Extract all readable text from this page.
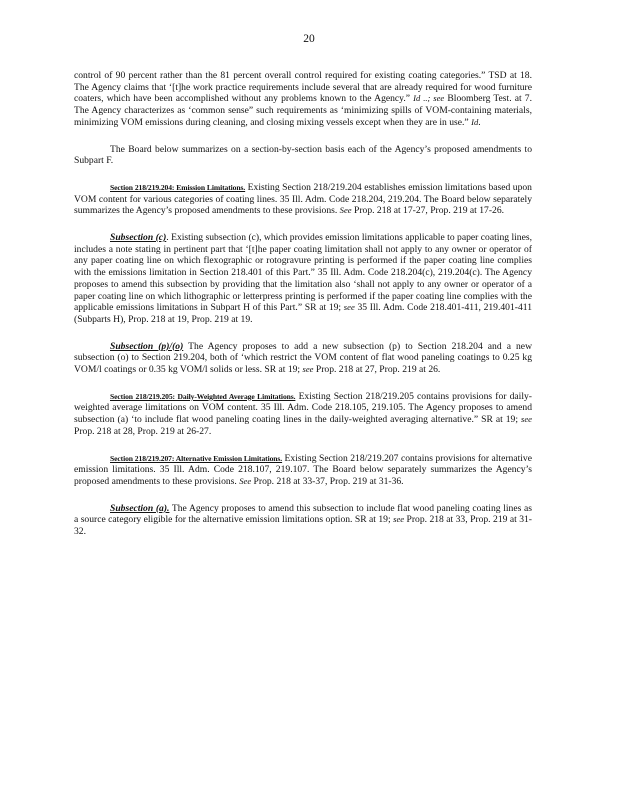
20

control of 90 percent rather than the 81 percent overall control required for existing coating categories.” TSD at 18. The Agency claims that ‘[t]he work practice requirements include several that are already required for wood furniture coaters, which have been accomplished without any problems known to the Agency.” Id ..; see Bloomberg Test. at 7. The Agency characterizes as ‘common sense” such requirements as ‘minimizing spills of VOM-containing materials, minimizing VOM emissions during cleaning, and closing mixing vessels except when they are in use.” Id.

The Board below summarizes on a section-by-section basis each of the Agency’s proposed amendments to Subpart F.

Section 218/219.204: Emission Limitations. Existing Section 218/219.204 establishes emission limitations based upon VOM content for various categories of coating lines. 35 Ill. Adm. Code 218.204, 219.204. The Board below separately summarizes the Agency’s proposed amendments to these provisions. See Prop. 218 at 17-27, Prop. 219 at 17-26.

Subsection (c). Existing subsection (c), which provides emission limitations applicable to paper coating lines, includes a note stating in pertinent part that ‘[t]he paper coating limitation shall not apply to any owner or operator of any paper coating line on which flexographic or rotogravure printing is performed if the paper coating line complies with the emissions limitation in Section 218.401 of this Part.” 35 Ill. Adm. Code 218.204(c), 219.204(c). The Agency proposes to amend this subsection by providing that the limitation also ‘shall not apply to any owner or operator of a paper coating line on which lithographic or letterpress printing is performed if the paper coating line complies with the applicable emissions limitations in Subpart H of this Part.” SR at 19; see 35 Ill. Adm. Code 218.401-411, 219.401-411 (Subparts H), Prop. 218 at 19, Prop. 219 at 19.

Subsection (p)/(o) The Agency proposes to add a new subsection (p) to Section 218.204 and a new subsection (o) to Section 219.204, both of ‘which restrict the VOM content of flat wood paneling coatings to 0.25 kg VOM/l coatings or 0.35 kg VOM/l solids or less. SR at 19; see Prop. 218 at 27, Prop. 219 at 26.

Section 218/219.205: Daily-Weighted Average Limitations. Existing Section 218/219.205 contains provisions for daily-weighted average limitations on VOM content. 35 Ill. Adm. Code 218.105, 219.105. The Agency proposes to amend subsection (a) ‘to include flat wood paneling coating lines in the daily-weighted averaging alternative.” SR at 19; see Prop. 218 at 28, Prop. 219 at 26-27.

Section 218/219.207: Alternative Emission Limitations. Existing Section 218/219.207 contains provisions for alternative emission limitations. 35 Ill. Adm. Code 218.107, 219.107. The Board below separately summarizes the Agency’s proposed amendments to these provisions. See Prop. 218 at 33-37, Prop. 219 at 31-36.

Subsection (a). The Agency proposes to amend this subsection to include flat wood paneling coating lines as a source category eligible for the alternative emission limitations option. SR at 19; see Prop. 218 at 33, Prop. 219 at 31-32.
